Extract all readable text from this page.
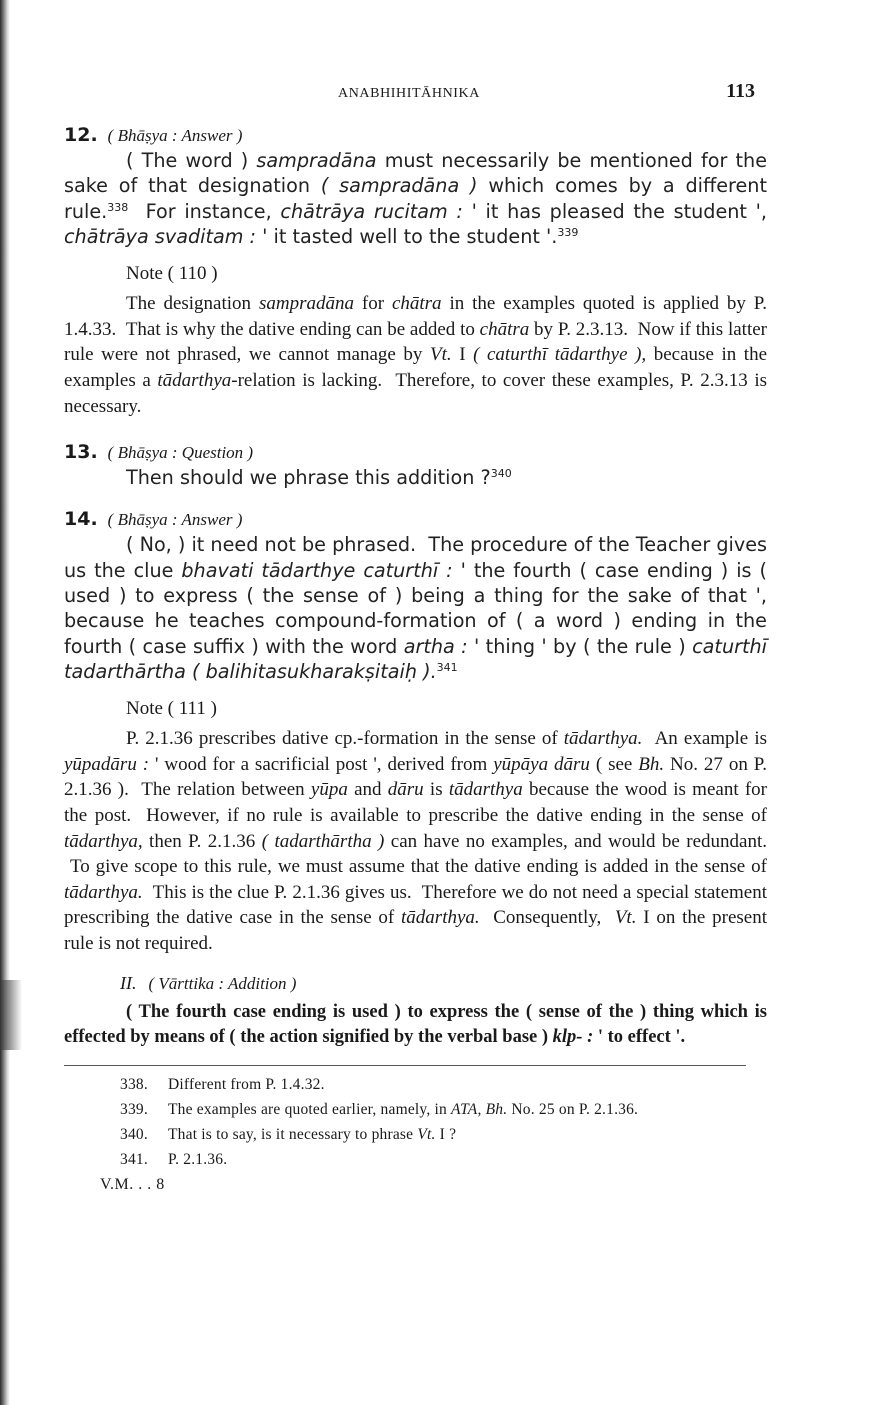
ANABHIHITĀHNIKA	113
12. ( Bhāṣya : Answer )

( The word ) sampradāna must necessarily be mentioned for the sake of that designation ( sampradāna ) which comes by a different rule.$^{338}$  For instance, chātrāya rucitam : ' it has pleased the student ', chātrāya svaditam : ' it tasted well to the student '.$^{339}$

Note ( 110 )

The designation sampradāna for chātra in the examples quoted is applied by P. 1.4.33.  That is why the dative ending can be added to chātra by P. 2.3.13.  Now if this latter rule were not phrased, we cannot manage by Vt. I ( caturthī tādarthye ), because in the examples a tādarthya-relation is lacking.  Therefore, to cover these examples, P. 2.3.13 is necessary.

13. ( Bhāṣya : Question )

Then should we phrase this addition ?$^{340}$

14. ( Bhāṣya : Answer )

( No, ) it need not be phrased.  The procedure of the Teacher gives us the clue bhavati tādarthye caturthī : ' the fourth ( case ending ) is ( used ) to express ( the sense of ) being a thing for the sake of that ', because he teaches compound-formation of ( a word ) ending in the fourth ( case suffix ) with the word artha : ' thing ' by ( the rule ) caturthī tadarthārtha ( balihitasukharakṣitaiḥ ).$^{341}$

Note ( 111 )

P. 2.1.36 prescribes dative cp.-formation in the sense of tādarthya.  An example is yūpadāru : ' wood for a sacrificial post ', derived from yūpāya dāru ( see Bh. No. 27 on P. 2.1.36 ).  The relation between yūpa and dāru is tādarthya because the wood is meant for the post.  However, if no rule is available to prescribe the dative ending in the sense of tādarthya, then P. 2.1.36 ( tadarthārtha ) can have no examples, and would be redundant.  To give scope to this rule, we must assume that the dative ending is added in the sense of tādarthya.  This is the clue P. 2.1.36 gives us.  Therefore we do not need a special statement prescribing the dative case in the sense of tādarthya.  Consequently,  Vt. I on the present rule is not required.

II. ( Vārttika : Addition )

( The fourth case ending is used ) to express the ( sense of the ) thing which is effected by means of ( the action signified by the verbal base ) klp- : ' to effect '.

338. Different from P. 1.4.32.
339. The examples are quoted earlier, namely, in ATA, Bh. No. 25 on P. 2.1.36.
340. That is to say, is it necessary to phrase Vt. I ?
341. P. 2.1.36.
V.M. . . 8
